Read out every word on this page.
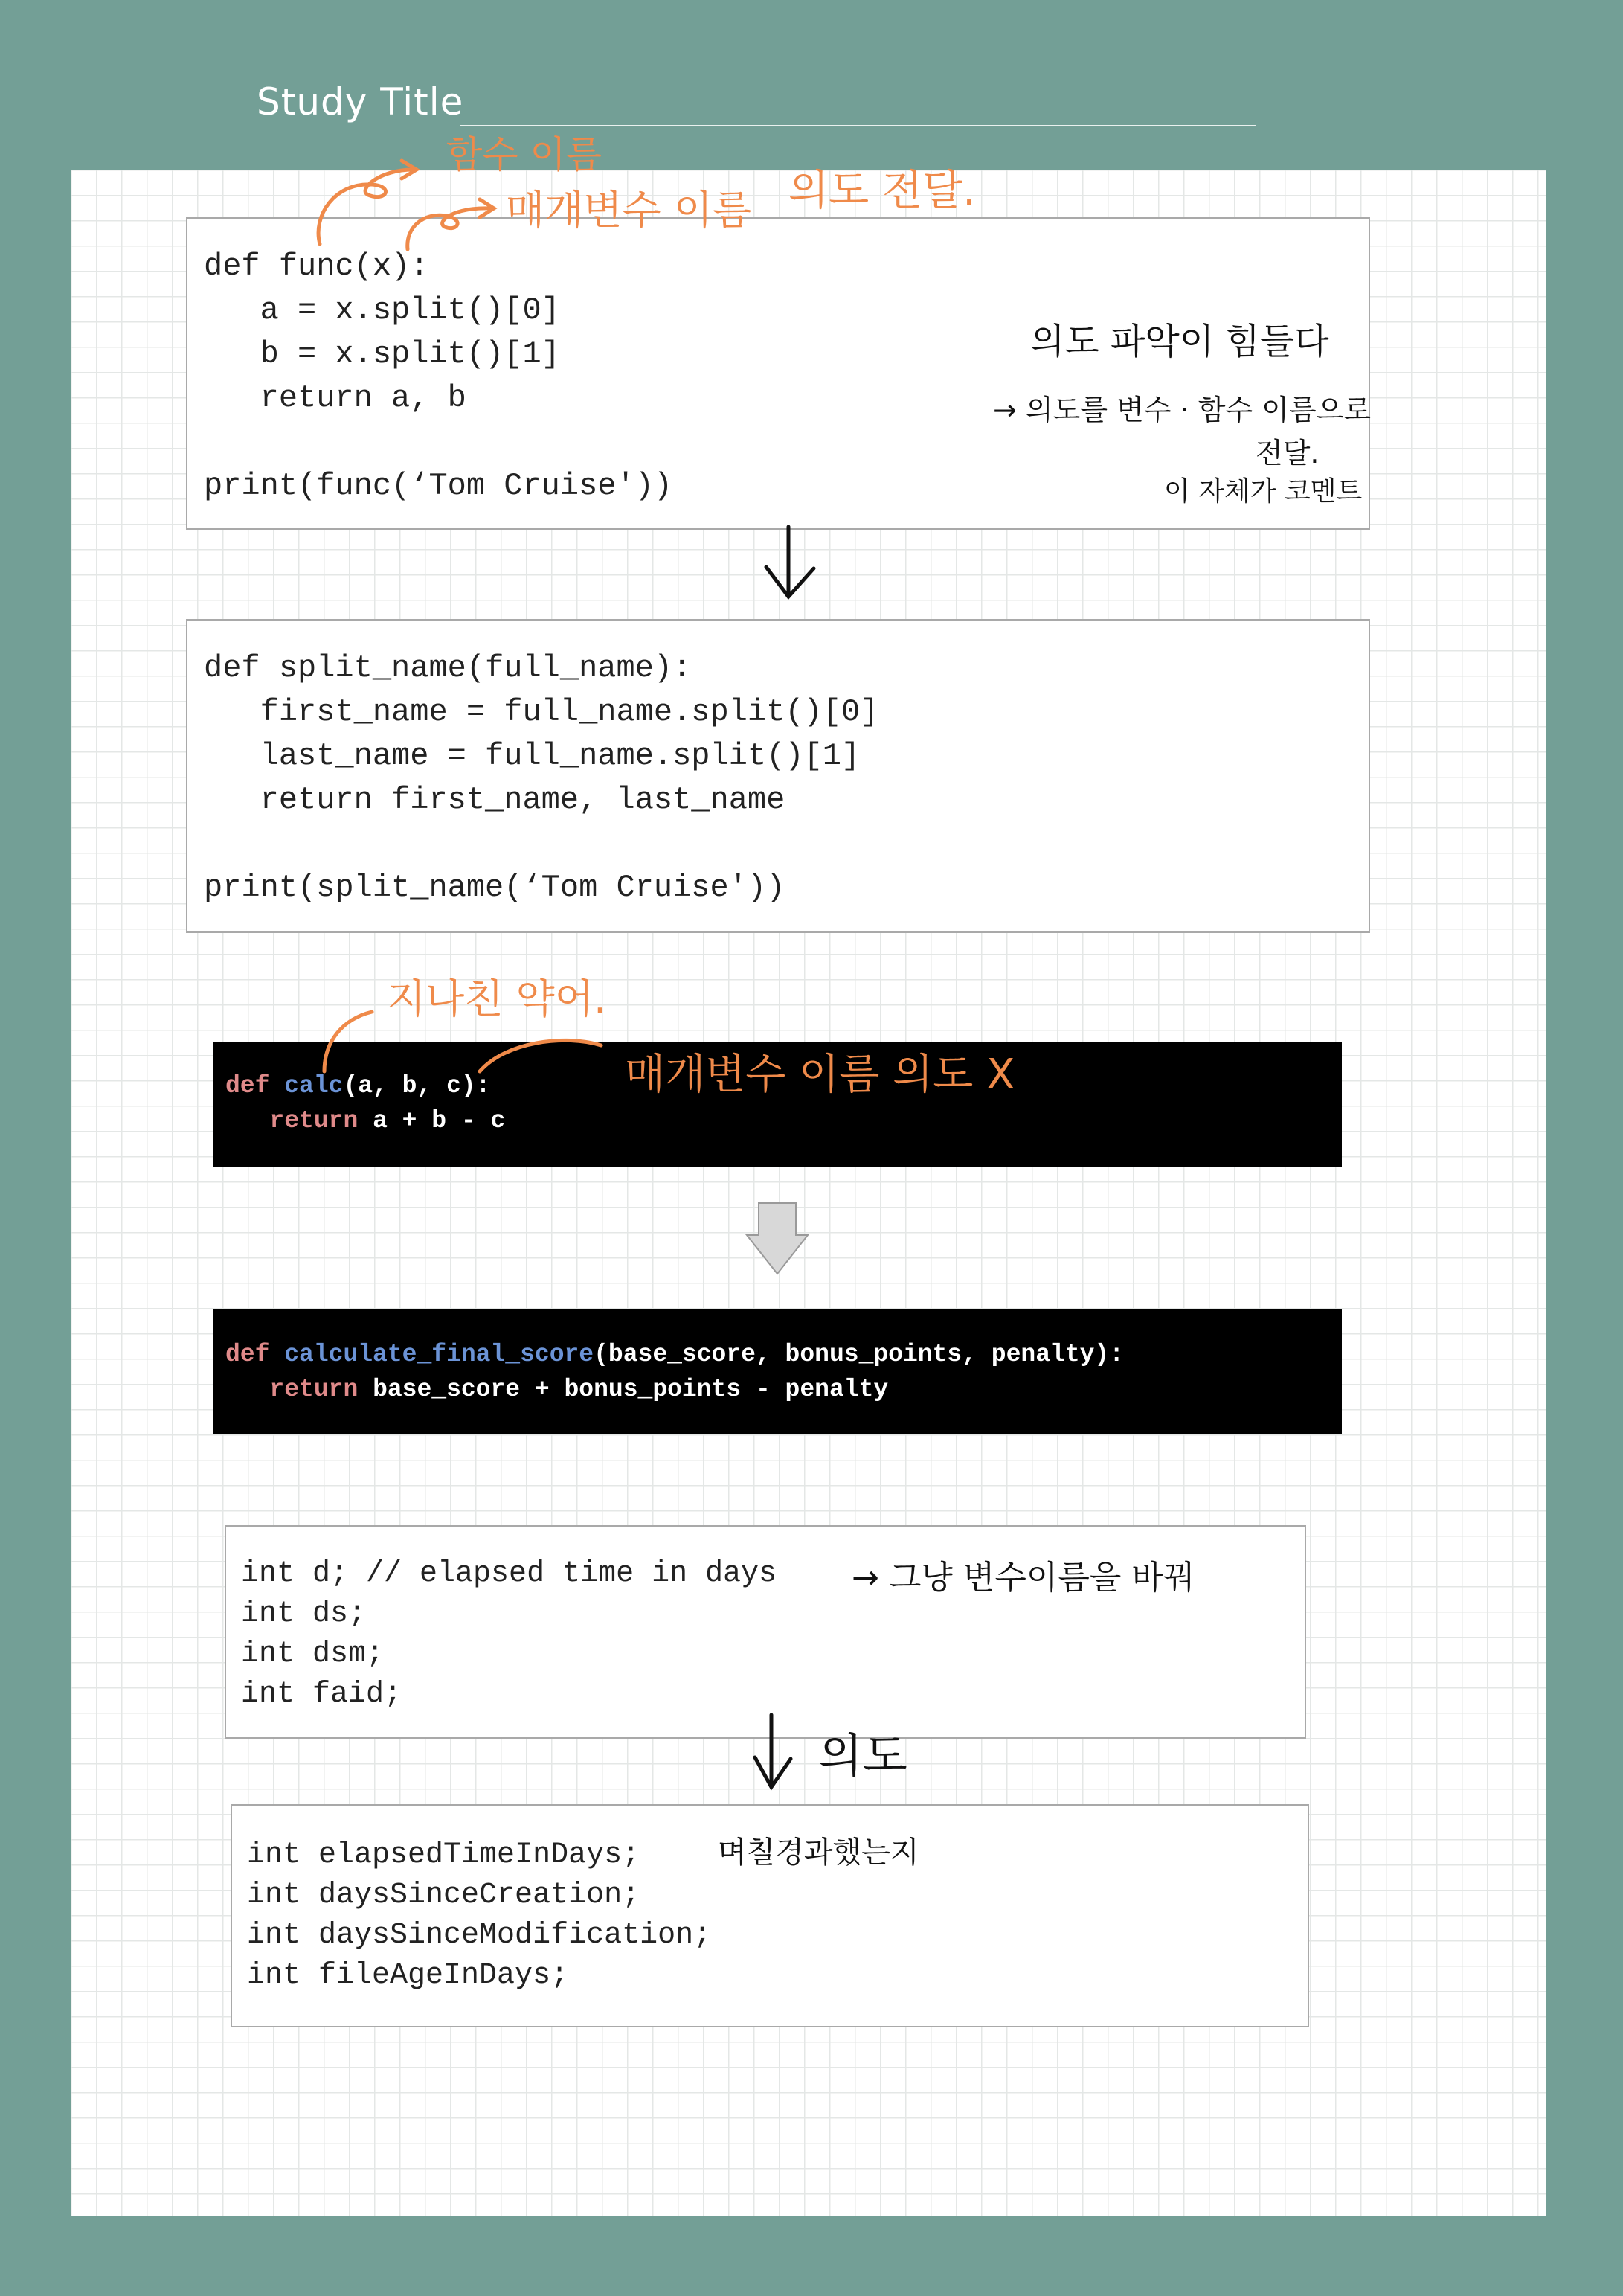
Study Title
def func(x):
a = x.split()[0]
b = x.split()[1]
return a, b

print(func(‘Tom Cruise'))
def split_name(full_name):
first_name = full_name.split()[0]
last_name = full_name.split()[1]
return first_name, last_name

print(split_name(‘Tom Cruise'))
def calc(a, b, c):
return a + b - c
def calculate_final_score(base_score, bonus_points, penalty):
return base_score + bonus_points - penalty
int d; // elapsed time in days
int ds;
int dsm;
int faid;
int elapsedTimeInDays;
int daysSinceCreation;
int daysSinceModification;
int fileAgeInDays;
함수 이름
매개변수 이름 의도 전달.
의도 파악이 힘들다
→ 의도를 변수 · 함수 이름으로
전달.
이 자체가 코멘트
지나친 약어.
매개변수 이름 의도 X
→ 그냥 변수이름을 바꿔
의도
며칠경과했는지
